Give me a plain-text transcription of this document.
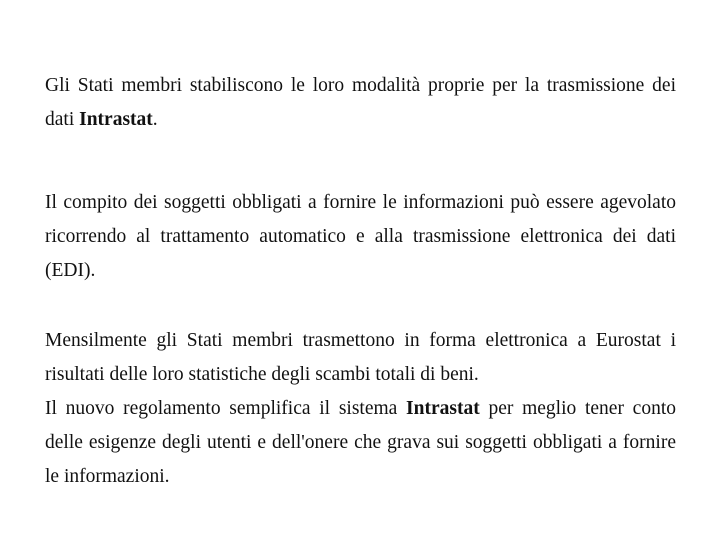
Gli Stati membri stabiliscono le loro modalità proprie per la trasmissione dei dati Intrastat.

Il compito dei soggetti obbligati a fornire le informazioni può essere agevolato ricorrendo al trattamento automatico e alla trasmissione elettronica dei dati (EDI).

Mensilmente gli Stati membri trasmettono in forma elettronica a Eurostat i risultati delle loro statistiche degli scambi totali di beni.

Il nuovo regolamento semplifica il sistema Intrastat per meglio tener conto delle esigenze degli utenti e dell'onere che grava sui soggetti obbligati a fornire le informazioni.
